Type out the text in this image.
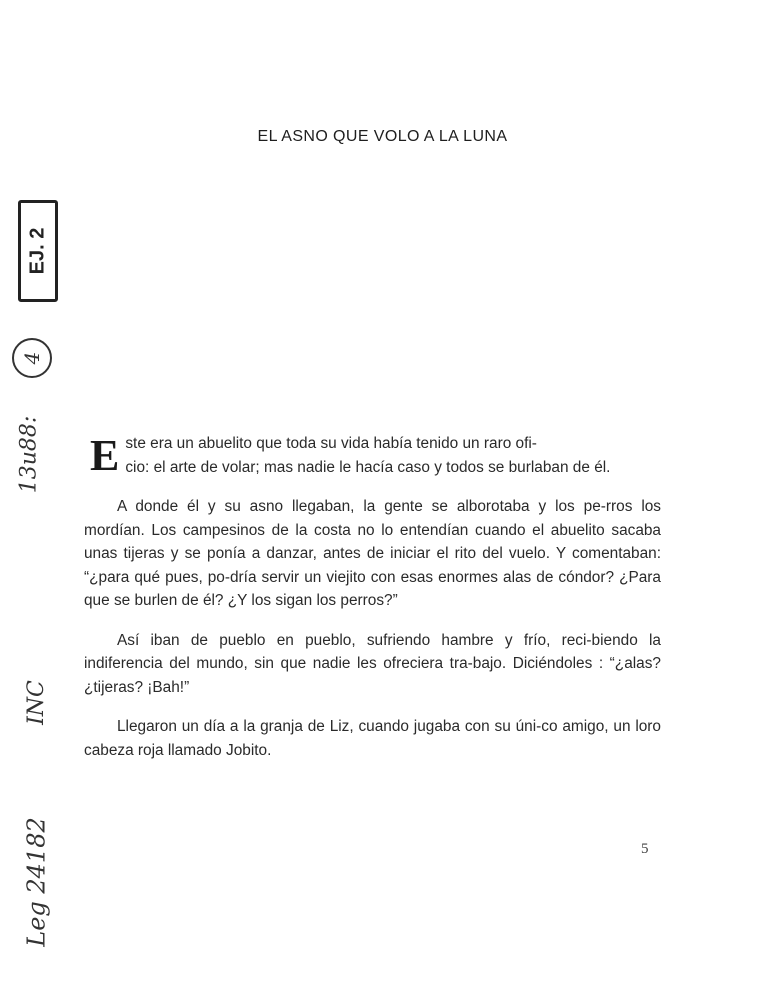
EJ. 2
4
13u88:
INC
Leg 24182
EL ASNO QUE VOLO A LA LUNA

E ste era un abuelito que toda su vida había tenido un raro ofi-
cio: el arte de volar; mas nadie le hacía caso y todos se burlaban de él.

A donde él y su asno llegaban, la gente se alborotaba y los pe-rros los mordían. Los campesinos de la costa no lo entendían cuando el abuelito sacaba unas tijeras y se ponía a danzar, antes de iniciar el rito del vuelo. Y comentaban: “¿para qué pues, po-dría servir un viejito con esas enormes alas de cóndor? ¿Para que se burlen de él? ¿Y los sigan los perros?”

Así iban de pueblo en pueblo, sufriendo hambre y frío, reci-biendo la indiferencia del mundo, sin que nadie les ofreciera tra-bajo. Diciéndoles : “¿alas? ¿tijeras? ¡Bah!”

Llegaron un día a la granja de Liz, cuando jugaba con su úni-co amigo, un loro cabeza roja llamado Jobito.

5
